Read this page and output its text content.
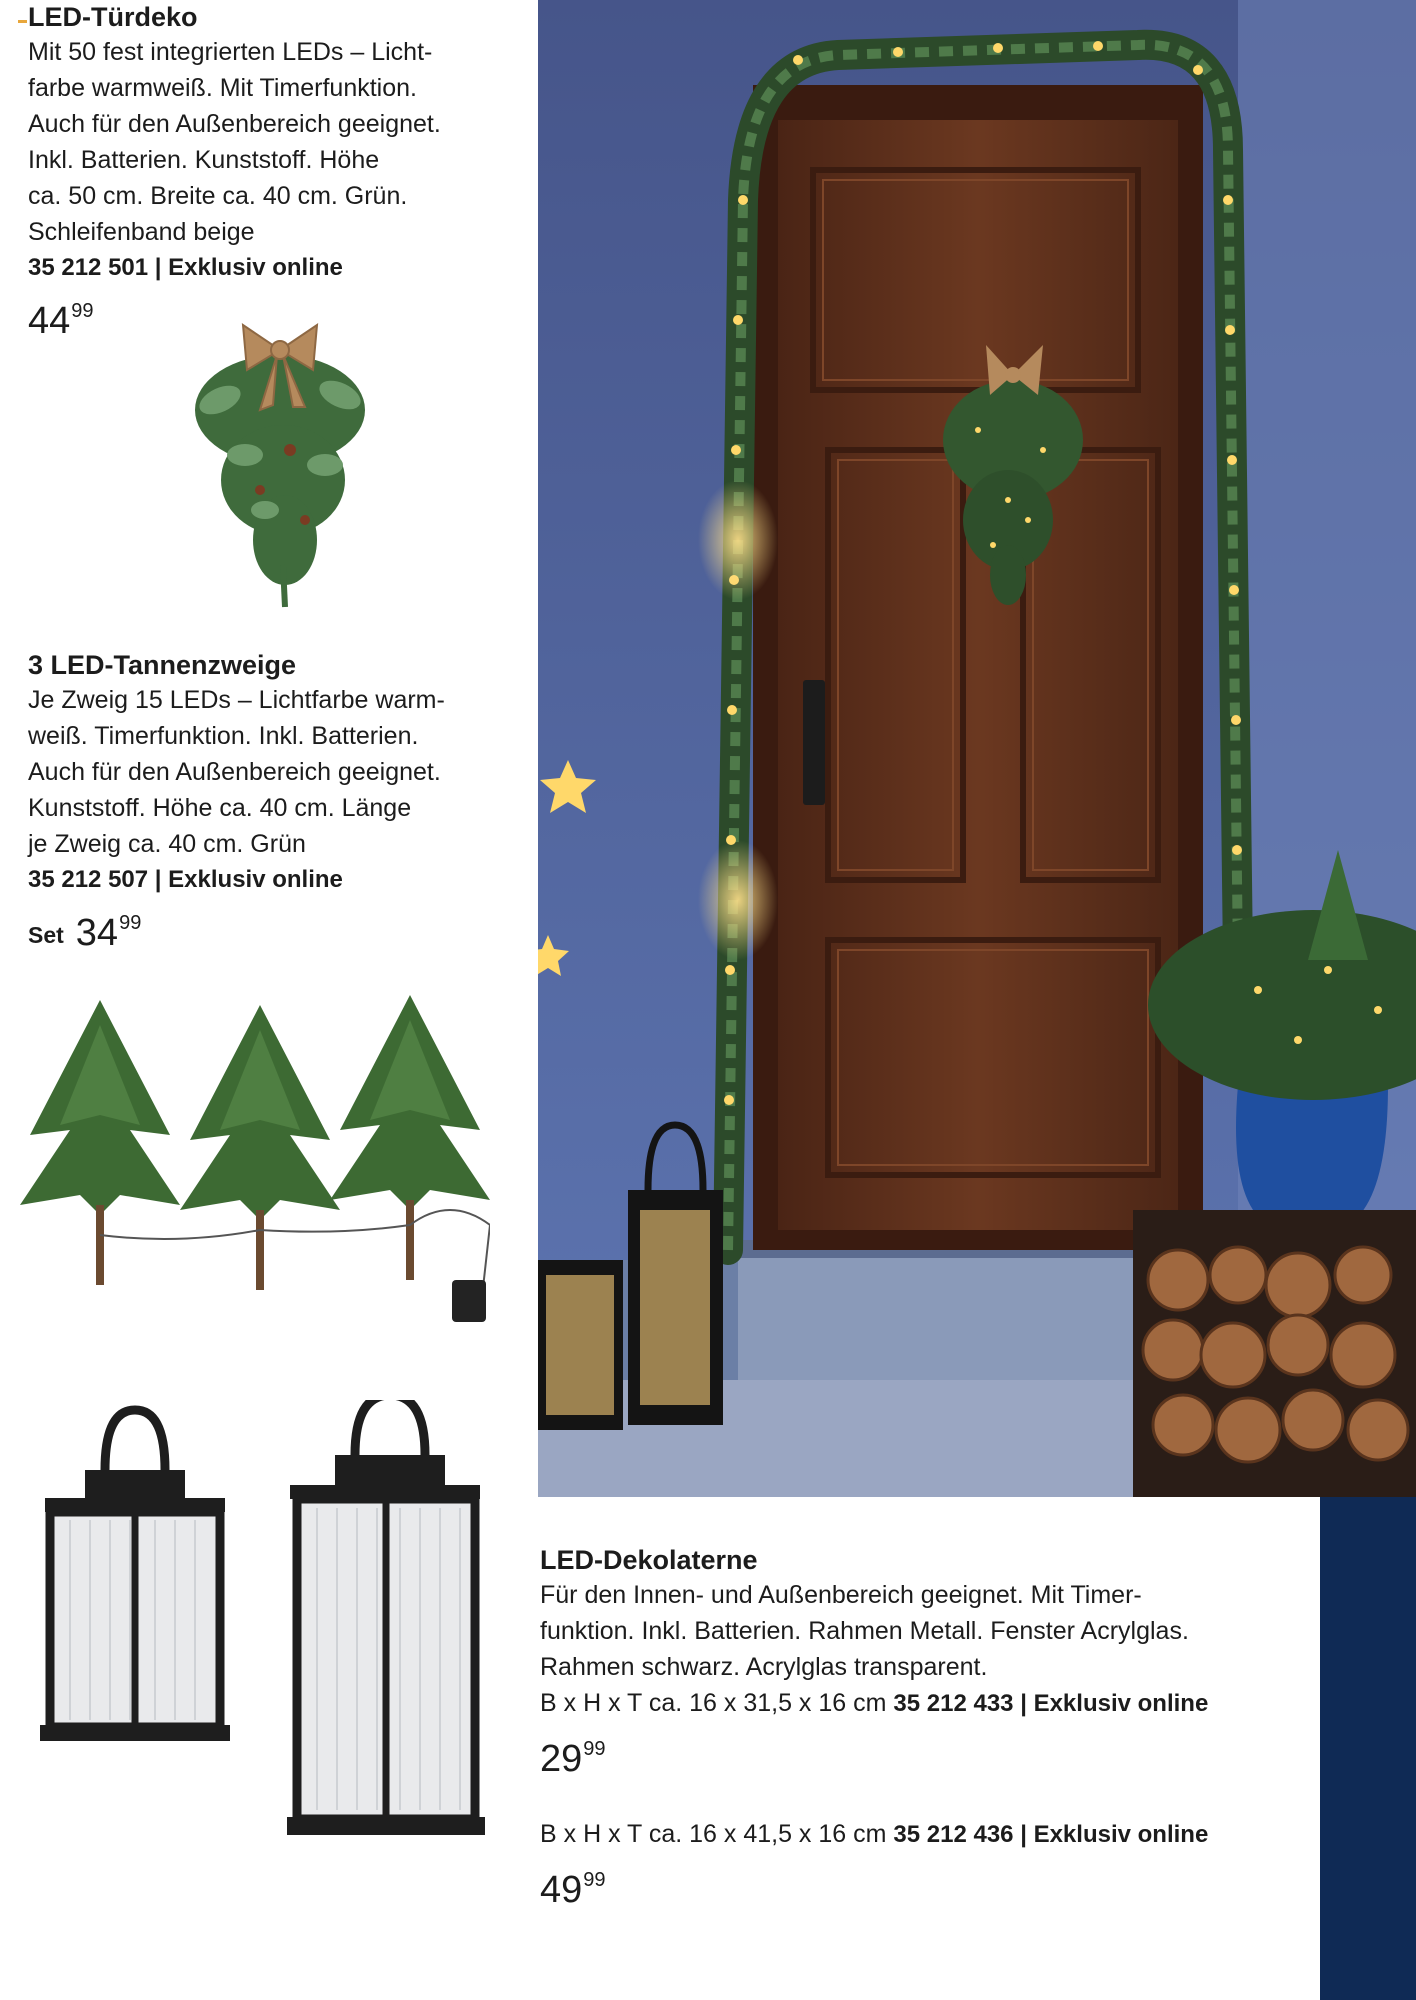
LED-Türdeko

Mit 50 fest integrierten LEDs – Licht-
farbe warmweiß. Mit Timerfunktion.
Auch für den Außenbereich geeignet.
Inkl. Batterien. Kunststoff. Höhe
ca. 50 cm. Breite ca. 40 cm. Grün.
Schleifenband beige

35 212 501 | Exklusiv online
$44^{99}$
3 LED-Tannenzweige

Je Zweig 15 LEDs – Lichtfarbe warm-
weiß. Timerfunktion. Inkl. Batterien.
Auch für den Außenbereich geeignet.
Kunststoff. Höhe ca. 40 cm. Länge
je Zweig ca. 40 cm. Grün

35 212 507 | Exklusiv online
Set $34^{99}$
LED-Dekolaterne

Für den Innen- und Außenbereich geeignet. Mit Timer-
funktion. Inkl. Batterien. Rahmen Metall. Fenster Acrylglas.
Rahmen schwarz. Acrylglas transparent.

B x H x T ca. 16 x 31,5 x 16 cm 35 212 433 | Exklusiv online
$29^{99}$
B x H x T ca. 16 x 41,5 x 16 cm 35 212 436 | Exklusiv online
$49^{99}$
